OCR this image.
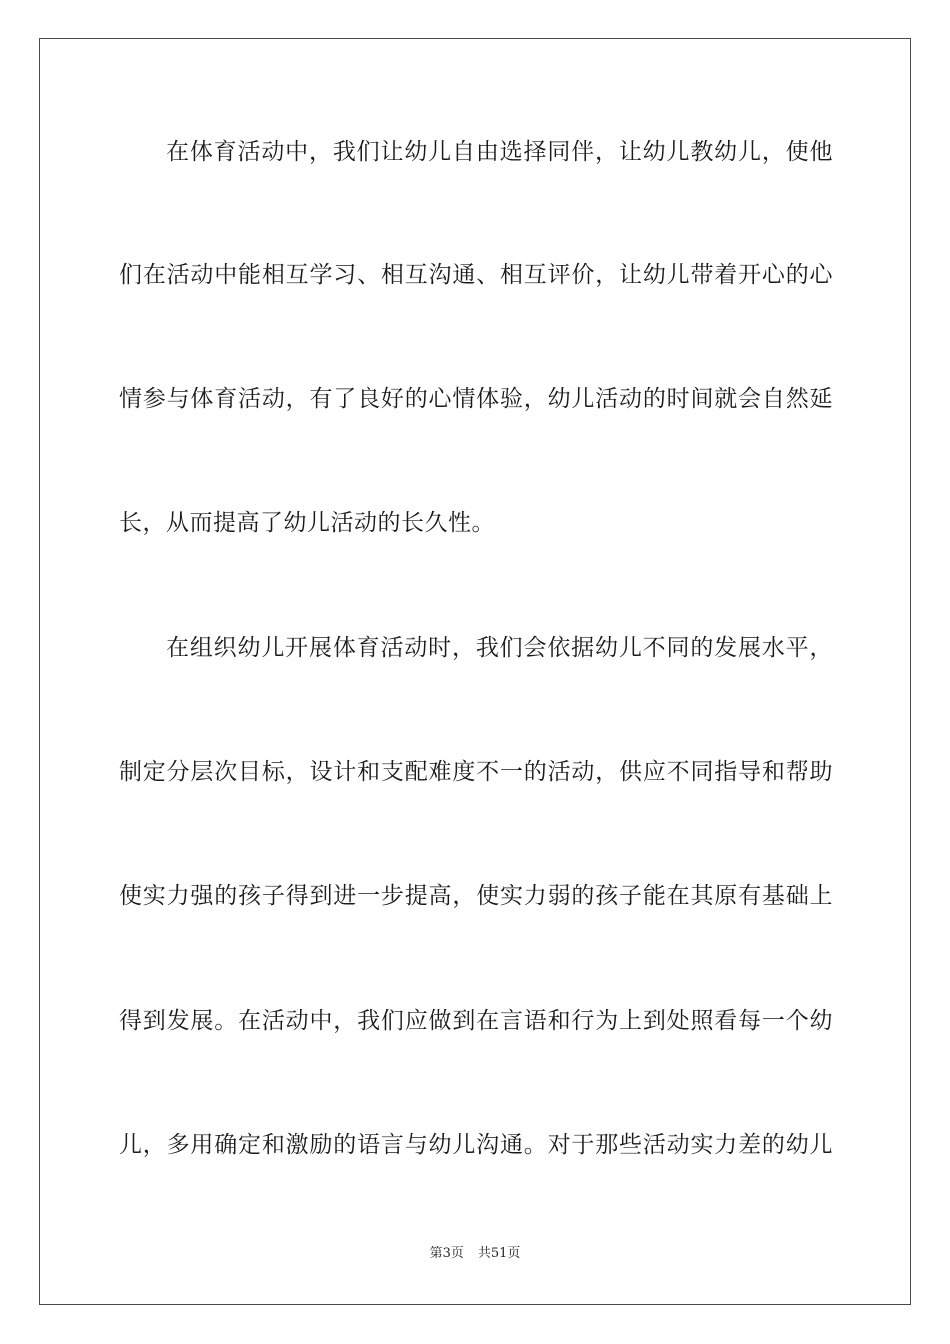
在体育活动中，我们让幼儿自由选择同伴，让幼儿教幼儿，使他
们在活动中能相互学习、相互沟通、相互评价，让幼儿带着开心的心
情参与体育活动，有了良好的心情体验，幼儿活动的时间就会自然延
长，从而提高了幼儿活动的长久性。
在组织幼儿开展体育活动时，我们会依据幼儿不同的发展水平，
制定分层次目标，设计和支配难度不一的活动，供应不同指导和帮助
使实力强的孩子得到进一步提高，使实力弱的孩子能在其原有基础上
得到发展。在活动中，我们应做到在言语和行为上到处照看每一个幼
儿，多用确定和激励的语言与幼儿沟通。对于那些活动实力差的幼儿
第3页 共51页
